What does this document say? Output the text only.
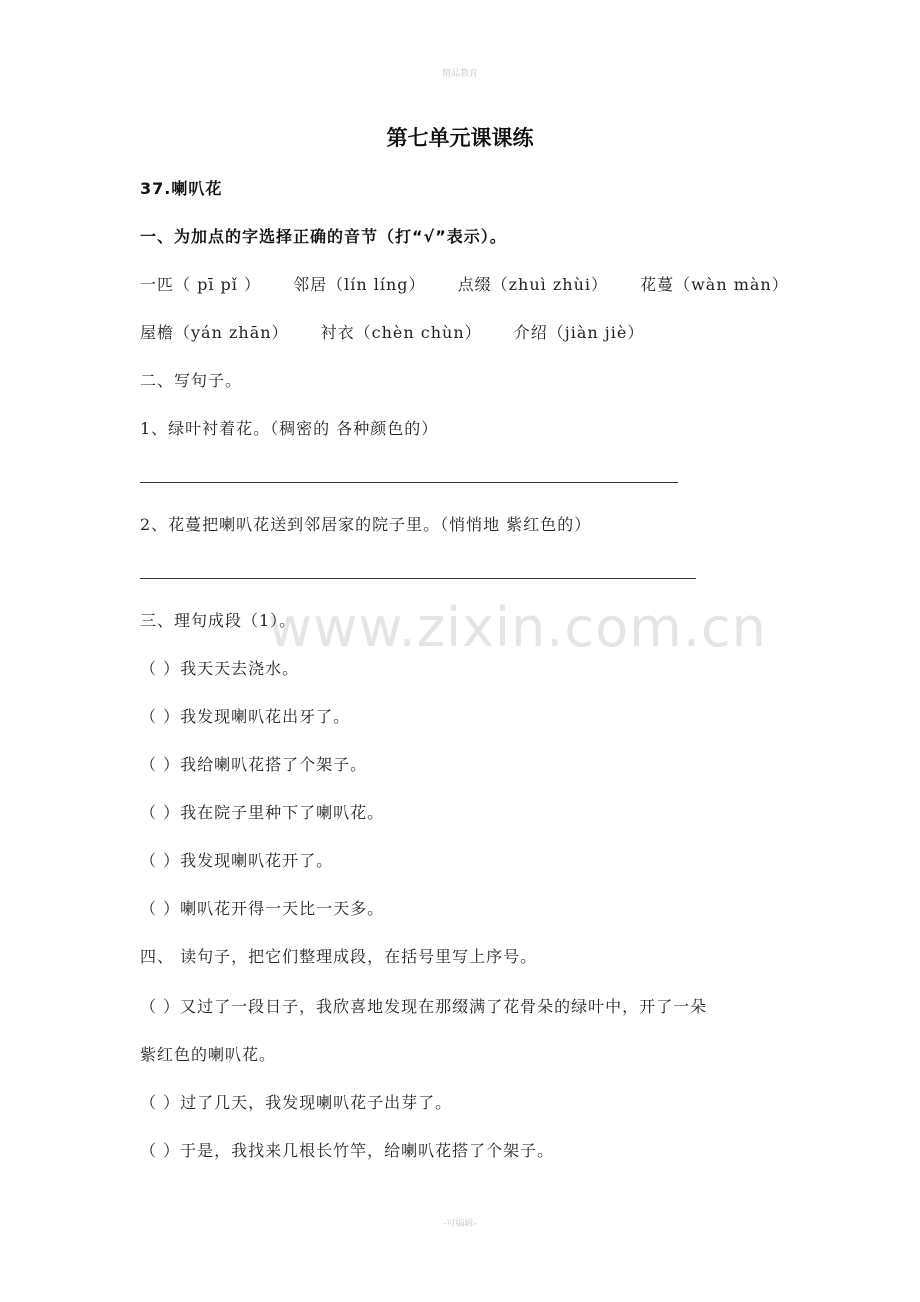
精品教育
www.zixin.com.cn
第七单元课课练
37.喇叭花
一、为加点的字选择正确的音节（打“√”表示）。
一匹（ pī pǐ ） 邻居（lín líng） 点缀（zhuì zhùi） 花蔓（wàn màn）
屋檐（yán zhān） 衬衣（chèn chùn） 介绍（jiàn jiè）
二、写句子。
1、绿叶衬着花。（稠密的 各种颜色的）
2、花蔓把喇叭花送到邻居家的院子里。（悄悄地 紫红色的）
三、理句成段（1）。
（ ）我天天去浇水。
（ ）我发现喇叭花出牙了。
（ ）我给喇叭花搭了个架子。
（ ）我在院子里种下了喇叭花。
（ ）我发现喇叭花开了。
（ ）喇叭花开得一天比一天多。
四、 读句子，把它们整理成段，在括号里写上序号。
（ ）又过了一段日子，我欣喜地发现在那缀满了花骨朵的绿叶中，开了一朵
紫红色的喇叭花。
（ ）过了几天，我发现喇叭花子出芽了。
（ ）于是，我找来几根长竹竿，给喇叭花搭了个架子。
-可编辑-
